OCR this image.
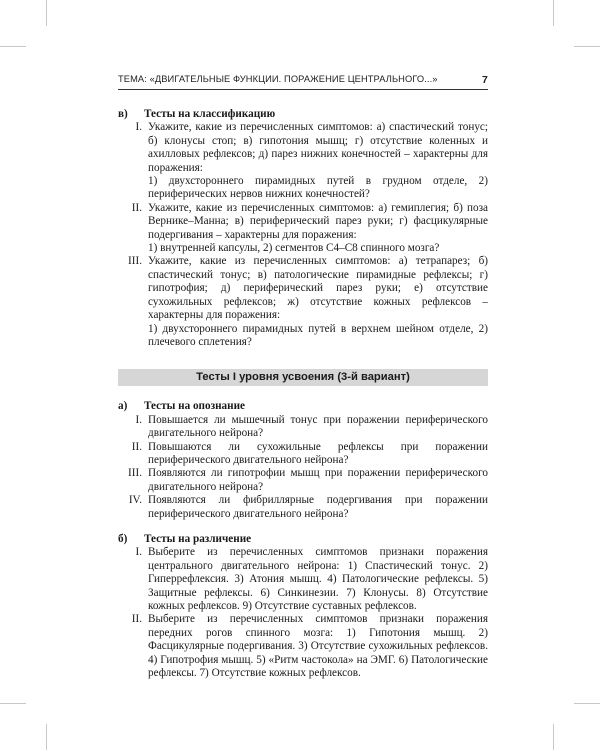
ТЕМА: «ДВИГАТЕЛЬНЫЕ ФУНКЦИИ. ПОРАЖЕНИЕ ЦЕНТРАЛЬНОГО...»	7
в)	Тесты на классификацию
I. Укажите, какие из перечисленных симптомов: а) спастический тонус; б) клонусы стоп; в) гипотония мышц; г) отсутствие коленных и ахилловых рефлексов; д) парез нижних конечностей – характерны для поражения:

1) двухстороннего пирамидных путей в грудном отделе, 2) периферических нервов нижних конечностей?

II. Укажите, какие из перечисленных симптомов: а) гемиплегия; б) поза Вернике–Манна; в) периферический парез руки; г) фасцикулярные подергивания – характерны для поражения:

1) внутренней капсулы, 2) сегментов С4–С8 спинного мозга?

III. Укажите, какие из перечисленных симптомов: а) тетрапарез; б) спастический тонус; в) патологические пирамидные рефлексы; г) гипотрофия; д) периферический парез руки; е) отсутствие сухожильных рефлексов; ж) отсутствие кожных рефлексов – характерны для поражения:

1) двухстороннего пирамидных путей в верхнем шейном отделе, 2) плечевого сплетения?

Тесты I уровня усвоения (3-й вариант)
а)	Тесты на опознание
I. Повышается ли мышечный тонус при поражении периферического двигательного нейрона?

II. Повышаются ли сухожильные рефлексы при поражении периферического двигательного нейрона?

III. Появляются ли гипотрофии мышц при поражении периферического двигательного нейрона?

IV. Появляются ли фибриллярные подергивания при поражении периферического двигательного нейрона?

б)	Тесты на различение
I. Выберите из перечисленных симптомов признаки поражения центрального двигательного нейрона: 1) Спастический тонус. 2) Гиперрефлексия. 3) Атония мышц. 4) Патологические рефлексы. 5) Защитные рефлексы. 6) Синкинезии. 7) Клонусы. 8) Отсутствие кожных рефлексов. 9) Отсутствие суставных рефлексов.

II. Выберите из перечисленных симптомов признаки поражения передних рогов спинного мозга: 1) Гипотония мышц. 2) Фасцикулярные подергивания. 3) Отсутствие сухожильных рефлексов. 4) Гипотрофия мышц. 5) «Ритм частокола» на ЭМГ. 6) Патологические рефлексы. 7) Отсутствие кожных рефлексов.
